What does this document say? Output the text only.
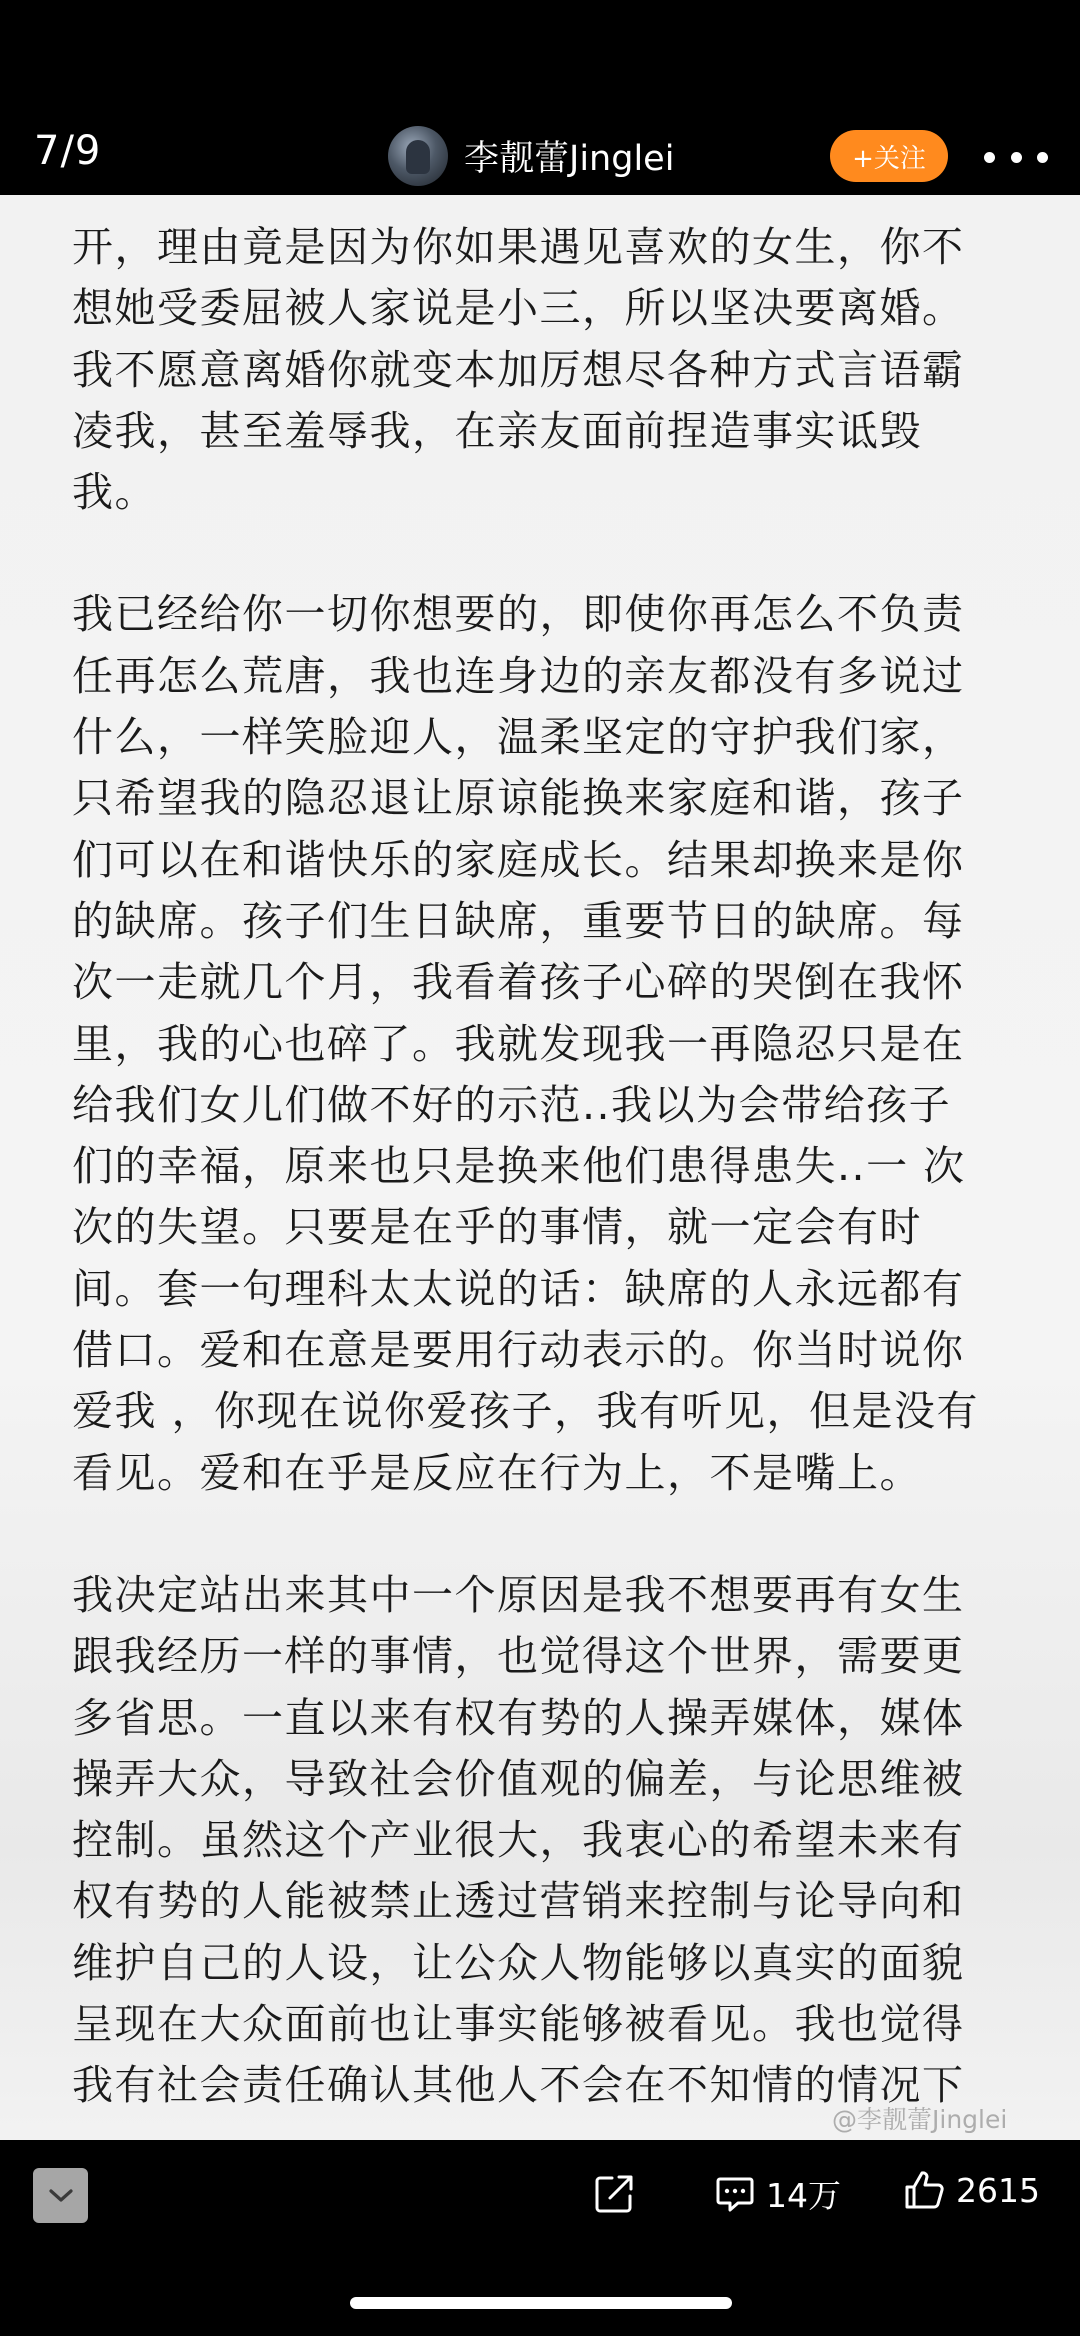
7/9	李靓蕾Jinglei	+关注

开，理由竟是因为你如果遇见喜欢的女生，你不
想她受委屈被人家说是小三，所以坚决要离婚。
我不愿意离婚你就变本加厉想尽各种方式言语霸
凌我，甚至羞辱我，在亲友面前捏造事实诋毁
我。

我已经给你一切你想要的，即使你再怎么不负责
任再怎么荒唐，我也连身边的亲友都没有多说过
什么，一样笑脸迎人，温柔坚定的守护我们家，
只希望我的隐忍退让原谅能换来家庭和谐，孩子
们可以在和谐快乐的家庭成长。结果却换来是你
的缺席。孩子们生日缺席，重要节日的缺席。每
次一走就几个月，我看着孩子心碎的哭倒在我怀
里，我的心也碎了。我就发现我一再隐忍只是在
给我们女儿们做不好的示范..我以为会带给孩子
们的幸福，原来也只是换来他们患得患失..一 次
次的失望。只要是在乎的事情，就一定会有时
间。套一句理科太太说的话：缺席的人永远都有
借口。爱和在意是要用行动表示的。你当时说你
爱我 ，你现在说你爱孩子，我有听见，但是没有
看见。爱和在乎是反应在行为上，不是嘴上。

我决定站出来其中一个原因是我不想要再有女生
跟我经历一样的事情，也觉得这个世界，需要更
多省思。一直以来有权有势的人操弄媒体，媒体
操弄大众，导致社会价值观的偏差，与论思维被
控制。虽然这个产业很大，我衷心的希望未来有
权有势的人能被禁止透过营销来控制与论导向和
维护自己的人设，让公众人物能够以真实的面貌
呈现在大众面前也让事实能够被看见。我也觉得
我有社会责任确认其他人不会在不知情的情况下

@李靓蕾Jinglei
14万	2615
